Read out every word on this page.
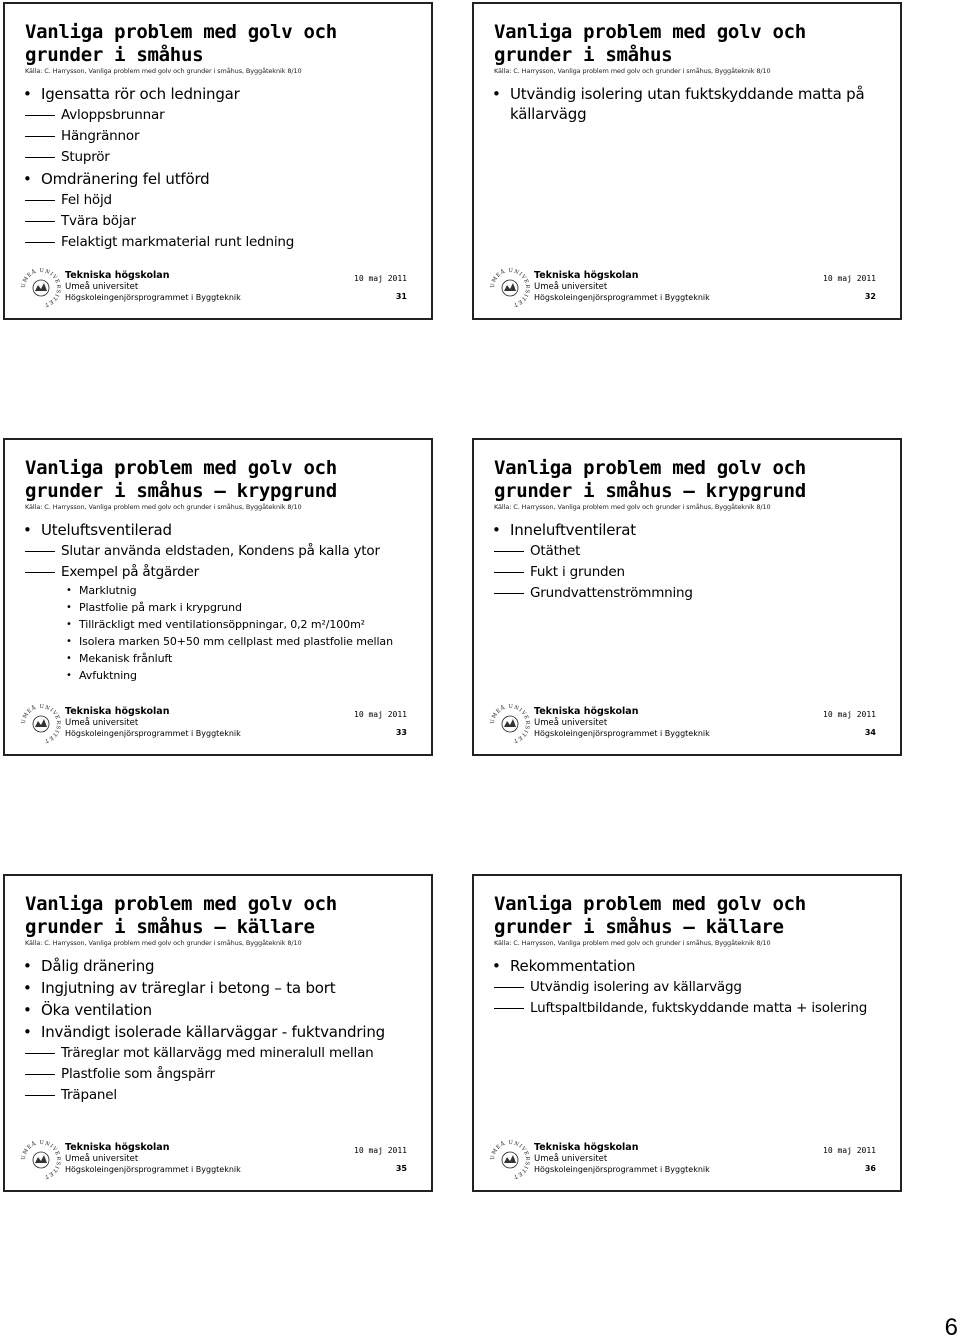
Vanliga problem med golv och
grunder i småhus
Källa: C. Harrysson, Vanliga problem med golv och grunder i småhus, Byggåteknik 8/10
• Igensatta rör och ledningar
Avloppsbrunnar
Hängrännor
Stuprör
• Omdränering fel utförd
Fel höjd
Tvära böjar
Felaktigt markmaterial runt ledning
UMEÅ UNIVERSITET
Tekniska högskolan
Umeå universitet
Högskoleingenjörsprogrammet i Byggteknik
10 maj 2011
31
Vanliga problem med golv och
grunder i småhus
Källa: C. Harrysson, Vanliga problem med golv och grunder i småhus, Byggåteknik 8/10
• Utvändig isolering utan fuktskyddande matta på källarvägg
UMEÅ UNIVERSITET
Tekniska högskolan
Umeå universitet
Högskoleingenjörsprogrammet i Byggteknik
10 maj 2011
32
Vanliga problem med golv och
grunder i småhus – krypgrund
Källa: C. Harrysson, Vanliga problem med golv och grunder i småhus, Byggåteknik 8/10
• Uteluftsventilerad
Slutar använda eldstaden, Kondens på kalla ytor
Exempel på åtgärder
• Marklutnig
• Plastfolie på mark i krypgrund
• Tillräckligt med ventilationsöppningar, 0,2 m²/100m²
• Isolera marken 50+50 mm cellplast med plastfolie mellan
• Mekanisk frånluft
• Avfuktning
UMEÅ UNIVERSITET
Tekniska högskolan
Umeå universitet
Högskoleingenjörsprogrammet i Byggteknik
10 maj 2011
33
Vanliga problem med golv och
grunder i småhus – krypgrund
Källa: C. Harrysson, Vanliga problem med golv och grunder i småhus, Byggåteknik 8/10
• Inneluftventilerat
Otäthet
Fukt i grunden
Grundvattenströmmning
UMEÅ UNIVERSITET
Tekniska högskolan
Umeå universitet
Högskoleingenjörsprogrammet i Byggteknik
10 maj 2011
34
Vanliga problem med golv och
grunder i småhus – källare
Källa: C. Harrysson, Vanliga problem med golv och grunder i småhus, Byggåteknik 8/10
• Dålig dränering
• Ingjutning av träreglar i betong – ta bort
• Öka ventilation
• Invändigt isolerade källarväggar - fuktvandring
Träreglar mot källarvägg med mineralull mellan
Plastfolie som ångspärr
Träpanel
UMEÅ UNIVERSITET
Tekniska högskolan
Umeå universitet
Högskoleingenjörsprogrammet i Byggteknik
10 maj 2011
35
Vanliga problem med golv och
grunder i småhus – källare
Källa: C. Harrysson, Vanliga problem med golv och grunder i småhus, Byggåteknik 8/10
• Rekommentation
Utvändig isolering av källarvägg
Luftspaltbildande, fuktskyddande matta + isolering
UMEÅ UNIVERSITET
Tekniska högskolan
Umeå universitet
Högskoleingenjörsprogrammet i Byggteknik
10 maj 2011
36
6
